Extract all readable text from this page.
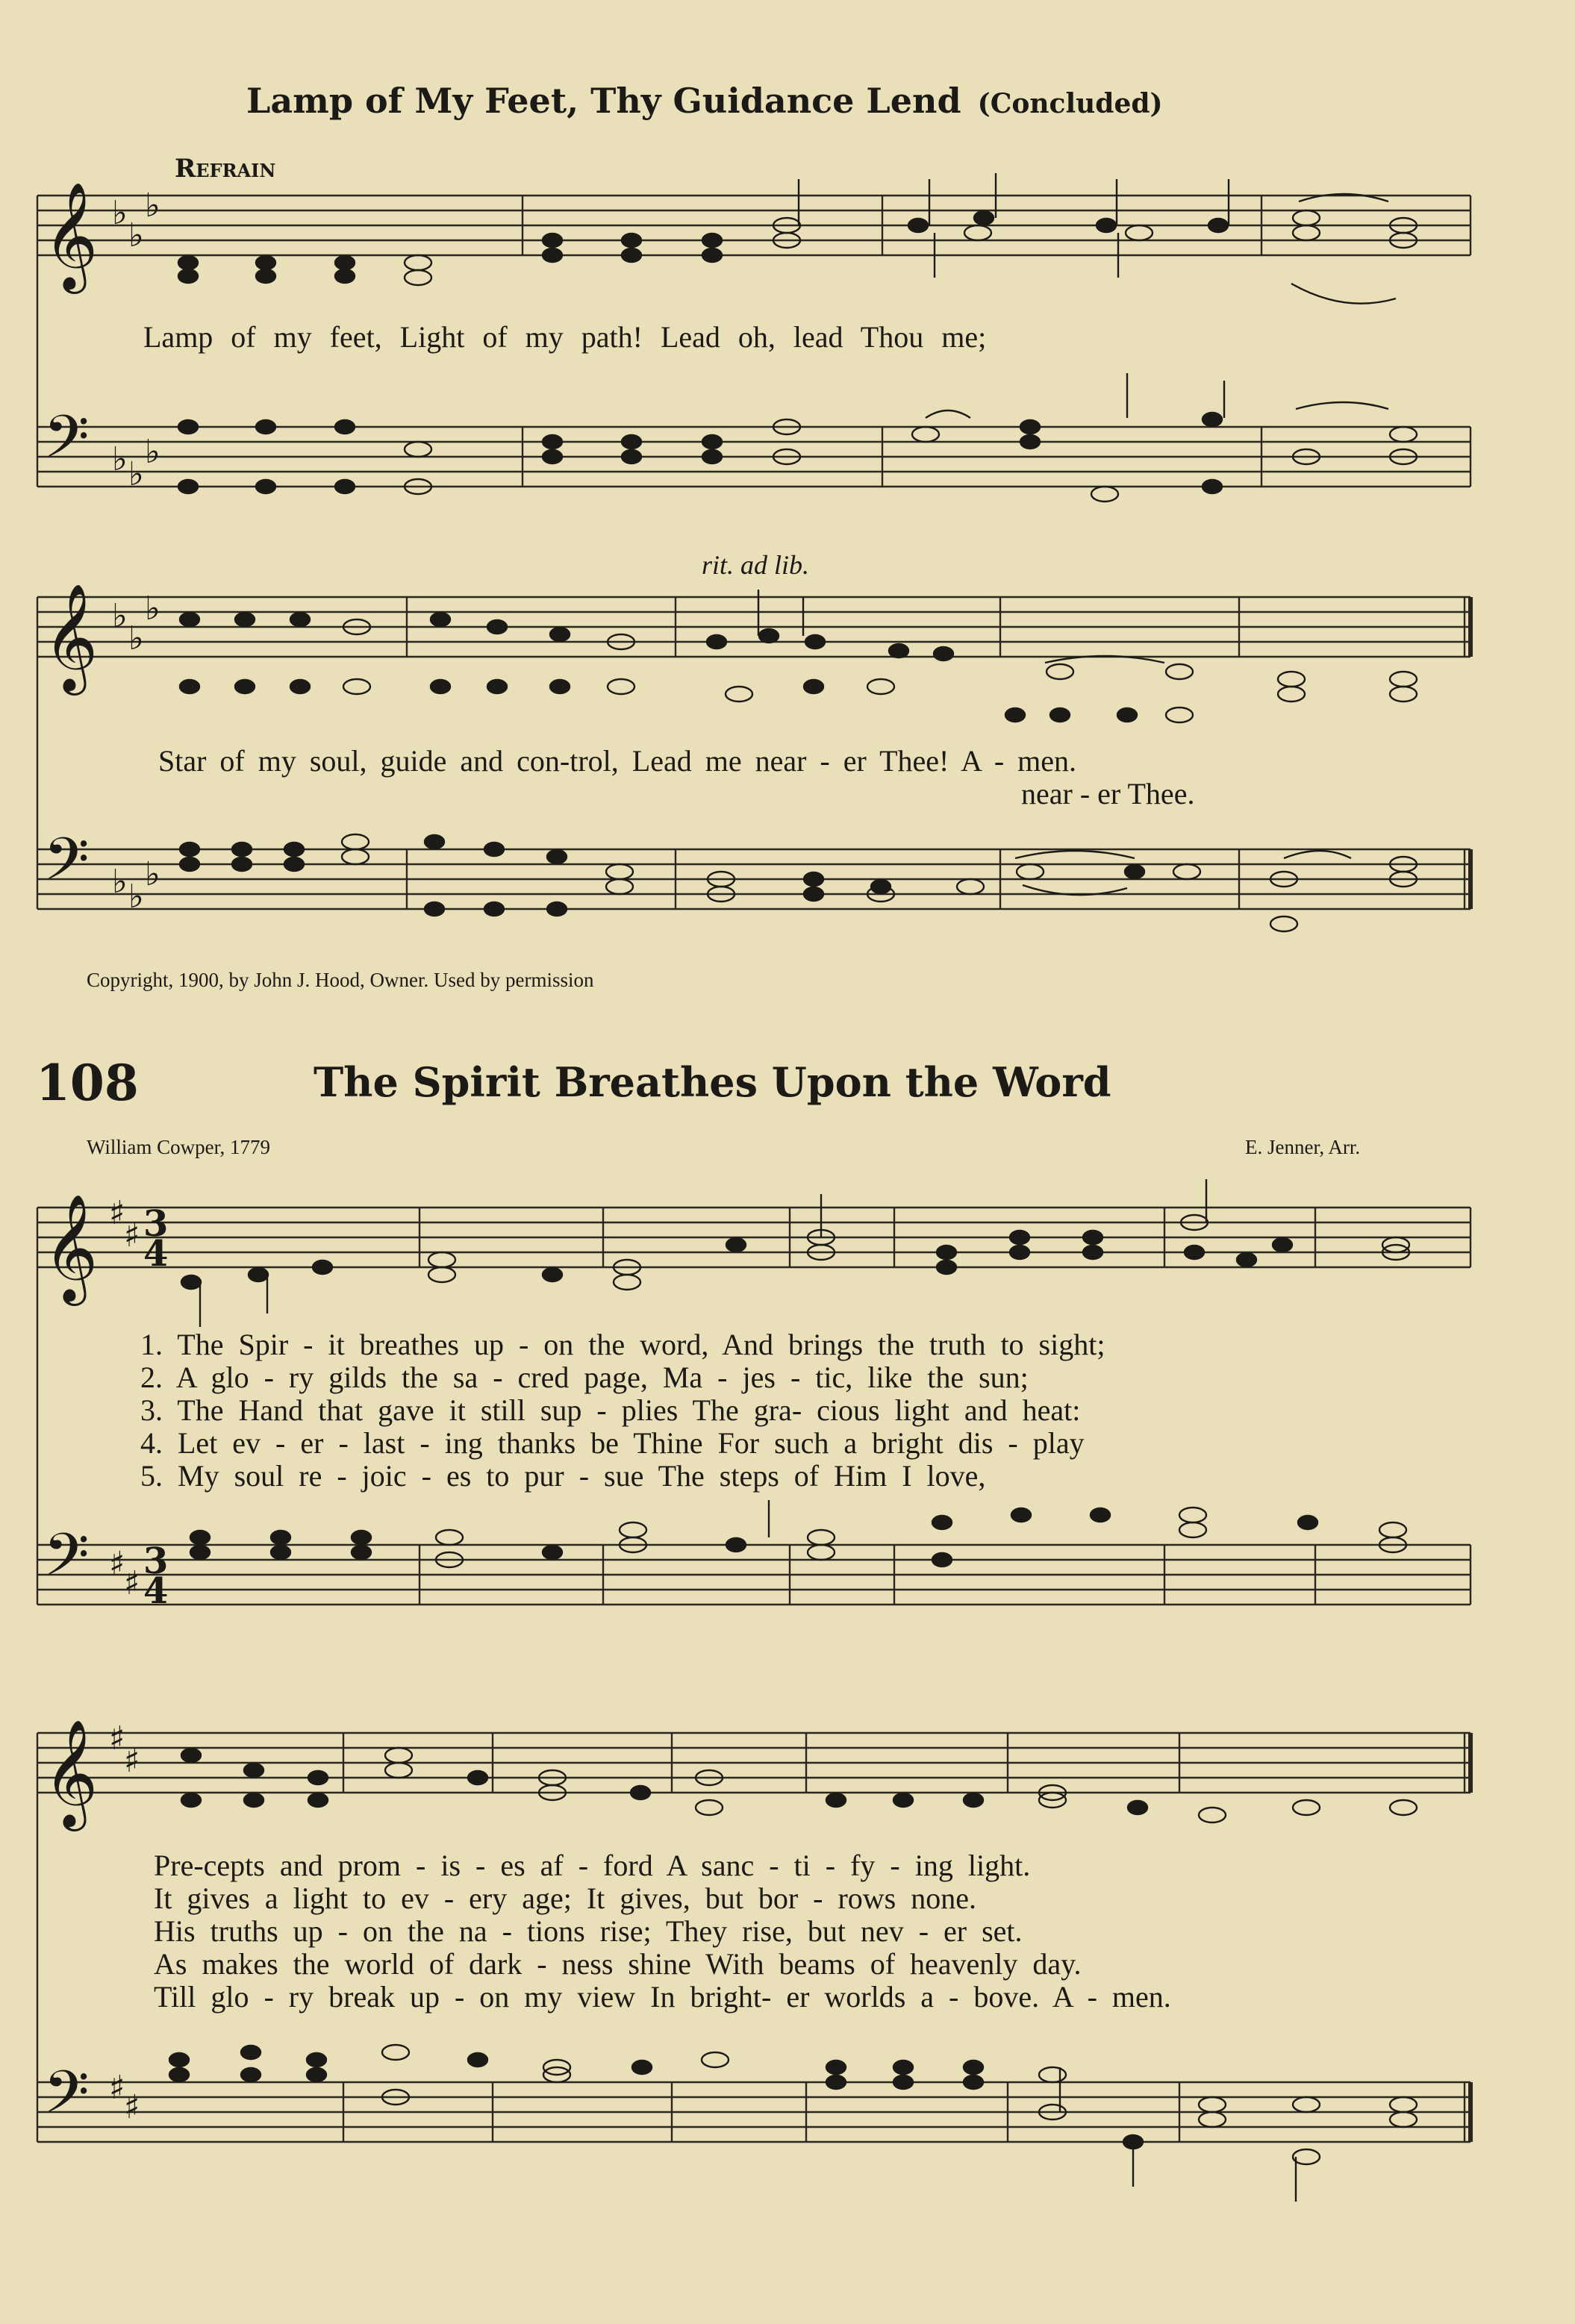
Lamp of My Feet, Thy Guidance Lend (Concluded)
Refrain
Lamp of my feet, Light of my path! Lead oh, lead Thou me;
rit. ad lib.
Star of my soul, guide and con-trol, Lead me near - er Thee! A - men.
near - er Thee.
Copyright, 1900, by John J. Hood, Owner. Used by permission
108	The Spirit Breathes Upon the Word
William Cowper, 1779	E. Jenner, Arr.
1. The Spir - it breathes up - on the word, And brings the truth to sight;
2. A glo - ry gilds the sa - cred page, Ma - jes - tic, like the sun;
3. The Hand that gave it still sup - plies The gra- cious light and heat:
4. Let ev - er - last - ing thanks be Thine For such a bright dis - play
5. My soul re - joic - es to pur - sue The steps of Him I love,
Pre-cepts and prom - is - es af - ford A sanc - ti - fy - ing light.
It gives a light to ev - ery age; It gives, but bor - rows none.
His truths up - on the na - tions rise; They rise, but nev - er set.
As makes the world of dark - ness shine With beams of heavenly day.
Till glo - ry break up - on my view In bright- er worlds a - bove. A - men.
𝄞
𝄢
𝄞
𝄢
𝄞
𝄢
𝄞
𝄢
♭
♭
♭
♭ ♭
♭
♭
♭
♭
♭ ♭
♭
♯
♯
♯
♯
♯
♯
♯
♯
3
4
3
4
